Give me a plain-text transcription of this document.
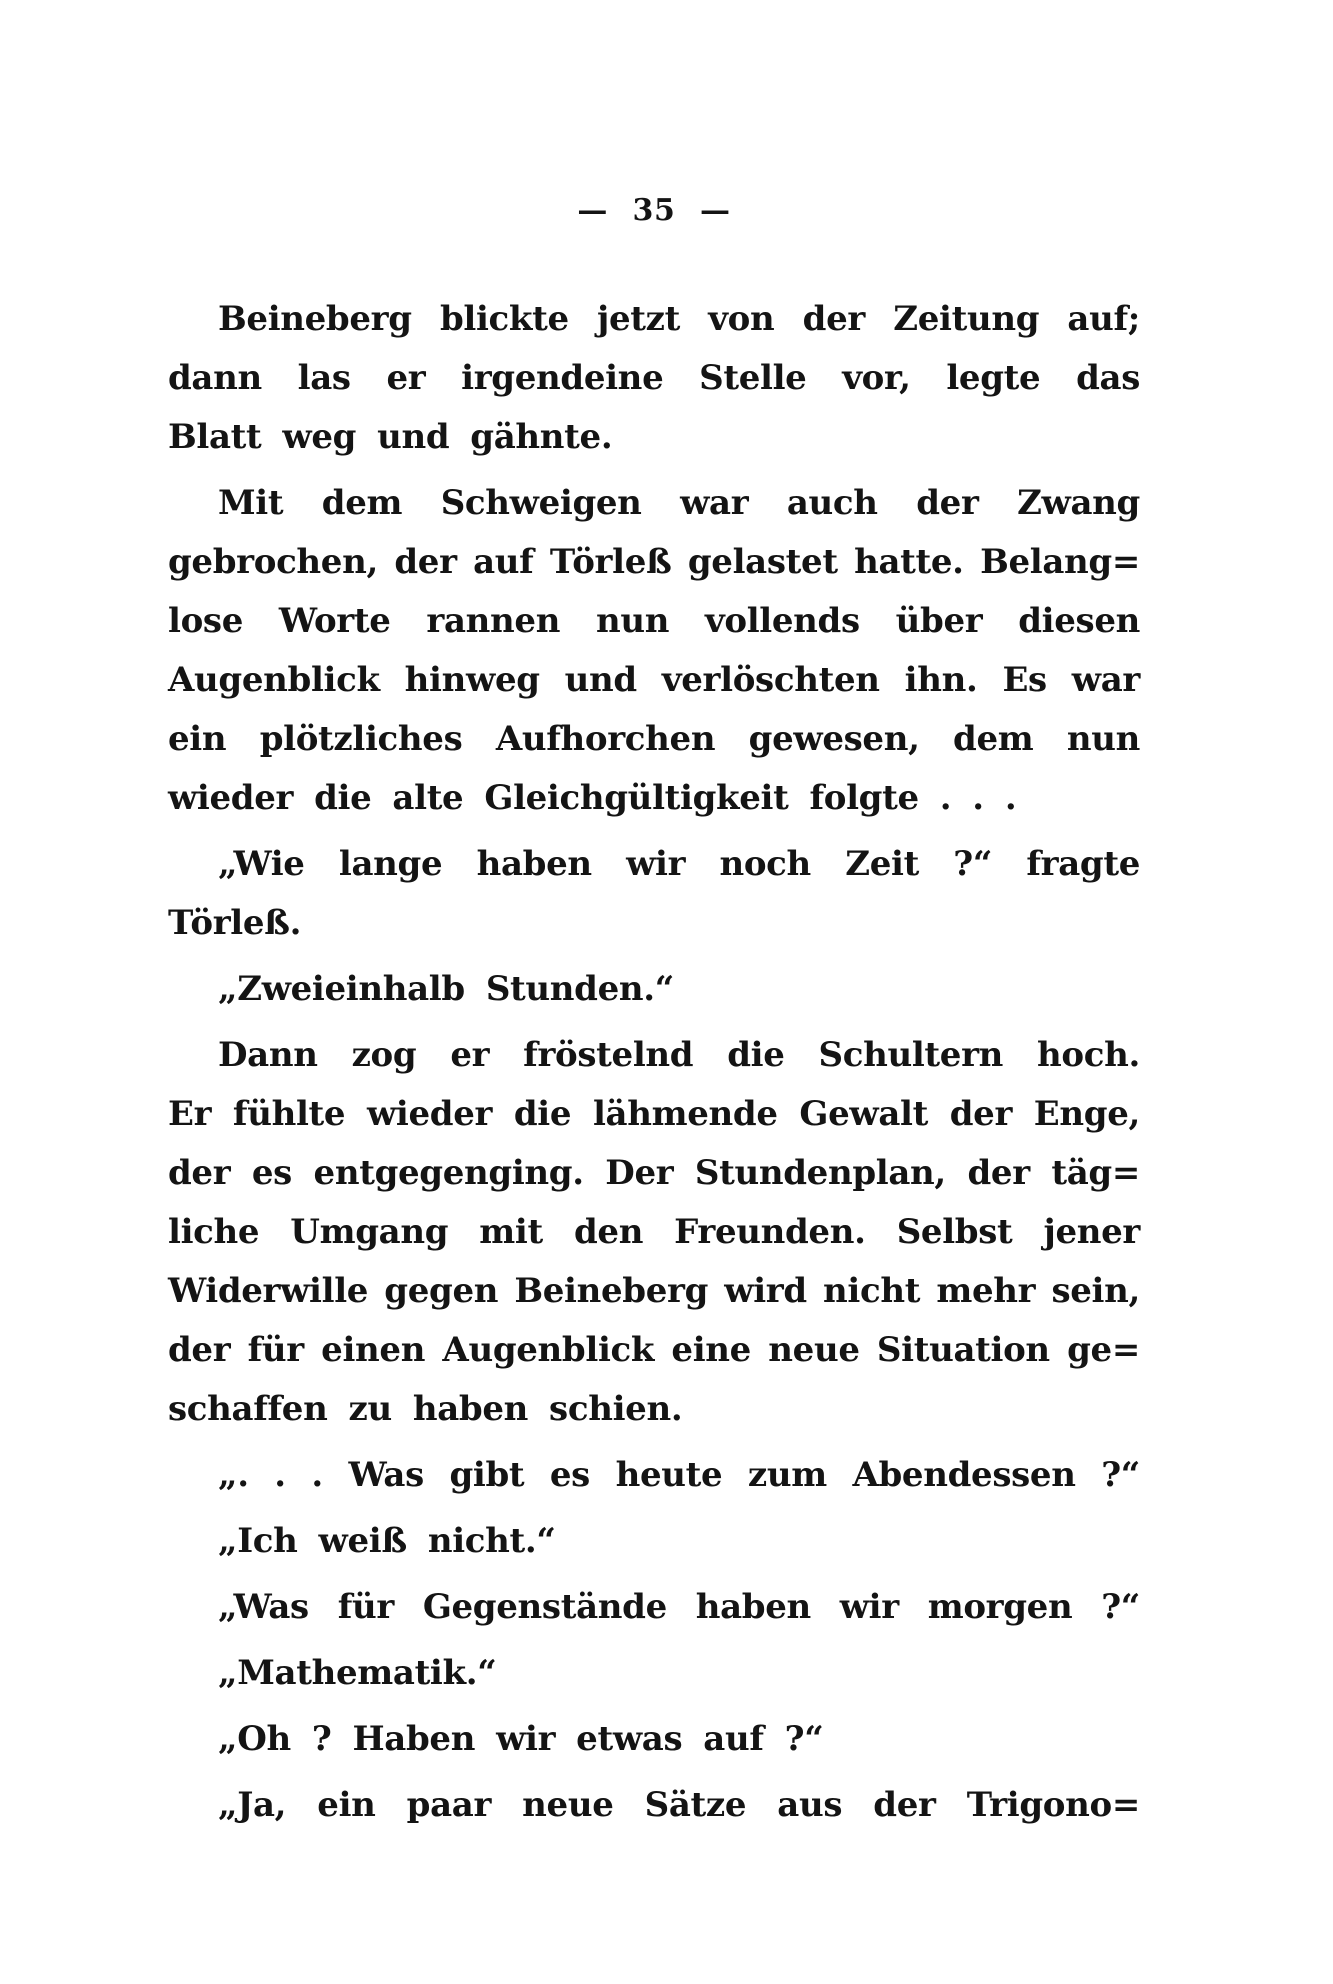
— 35 —
Beineberg blickte jetzt von der Zeitung auf;
dann las er irgendeine Stelle vor, legte das
Blatt weg und gähnte.
Mit dem Schweigen war auch der Zwang
gebrochen, der auf Törleß gelastet hatte. Belang=
lose Worte rannen nun vollends über diesen
Augenblick hinweg und verlöschten ihn. Es war
ein plötzliches Aufhorchen gewesen, dem nun
wieder die alte Gleichgültigkeit folgte . . .
„Wie lange haben wir noch Zeit ?“ fragte
Törleß.
„Zweieinhalb Stunden.“
Dann zog er fröstelnd die Schultern hoch.
Er fühlte wieder die lähmende Gewalt der Enge,
der es entgegenging. Der Stundenplan, der täg=
liche Umgang mit den Freunden. Selbst jener
Widerwille gegen Beineberg wird nicht mehr sein,
der für einen Augenblick eine neue Situation ge=
schaffen zu haben schien.
„. . . Was gibt es heute zum Abendessen ?“
„Ich weiß nicht.“
„Was für Gegenstände haben wir morgen ?“
„Mathematik.“
„Oh ? Haben wir etwas auf ?“
„Ja, ein paar neue Sätze aus der Trigono=
